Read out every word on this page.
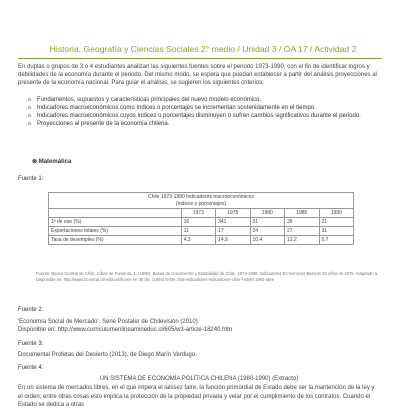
Historia, Geografía y Ciencias Sociales 2° medio / Unidad 3 / OA 17 / Actividad 2
En duplas o grupos de 3 o 4 estudiantes analizan las siguientes fuentes sobre el periodo 1973-1990, con el fin de identificar logros y debilidades de la economía durante el periodo. Del mismo modo, se espera que puedan establecer a partir del análisis proyecciones al presente de la economía nacional. Para guiar el análisis, se sugieren los siguientes criterios:
o	Fundamentos, supuestos y características principales del nuevo modelo económico.
o	Indicadores macroeconómicos como índices o porcentajes se incrementan sostenidamente en el tiempo.
o	Indicadores macroeconómicos cuyos índices o porcentajes disminuyen o sufren cambios significativos durante el periodo.
o	Proyecciones al presente de la economía chilena.
⊗ Matemática
Fuente 1:
Chile 1973-1990 Indicadores macroeconómicos
(índices y porcentajes)					
	1973	1975	1980	1985	1990
1ª de ese (%)	16	341	31	26	21
Exportaciones totales (%)	11	17	24	27	31
Tasa de desempleo (%)	4,3	14,9	10,4	12,2	5,7
Fuente: Banco Central de Chile, Cifras de Fomento, 1, (1990). Bases de Crecimiento y Estabilidad de Chile, 1973-1990. Indicadores Económicos Básicos 50 años de 1975. Adaptado a. Disponible en: http://www.bcentral.cl/es/faces/home en 06 dic. (1993) Entre chat-indicadores-Indicadores-chile-f-5540-1993-abre
Fuente 2:
'Economía Social de Mercado'. Serie Postaler de Chilevisión (2010).
Disponible en: http://www.curriculumenlineamineduc.cl/605/w3-article-18240.htm
Fuente 3:
Documental Profetas del Desierto (2013), de Diego Marín Verdugo.
Fuente 4:
UN SISTEMA DE ECONOMÍA POLÍTICA CHILENA (1980-1990) (Extracto)
En un sistema de mercados libres, en el que impera el laissez faire, la función primordial de Estado debe ser la mantención de la ley y el orden; entre otras cosas esto implica la protección de la propiedad privada y velar por el cumplimiento de los contratos. Cuando el Estado se dedica a otras
